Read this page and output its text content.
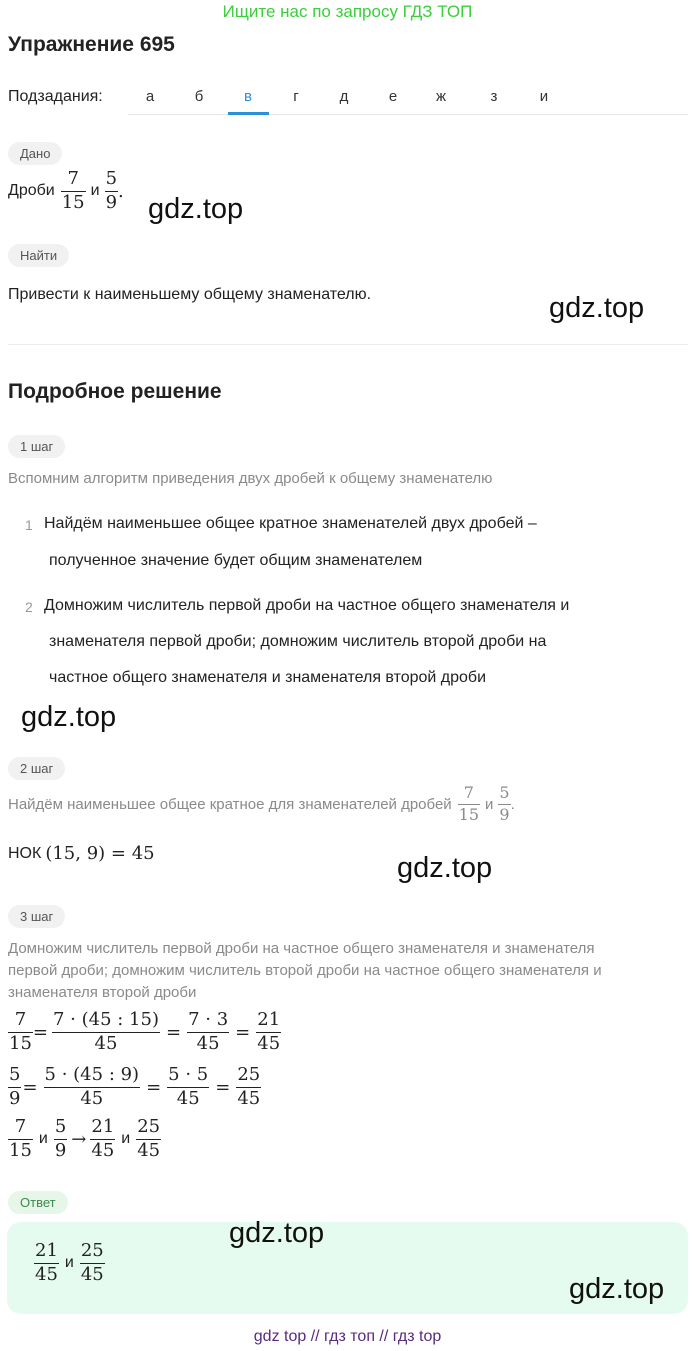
Ищите нас по запросу ГДЗ ТОП
Упражнение 695
Подзадания:	а	б	в	г	д	е	ж	з	и
Дано
Дроби $\frac{7}{15}$ и $\frac{5}{9}$ .
gdz.top
Найти
Привести к наименьшему общему знаменателю.	gdz.top
Подробное решение
1 шаг
Вспомним алгоритм приведения двух дробей к общему знаменателю
1 Найдём наименьшее общее кратное знаменателей двух дробей –
полученное значение будет общим знаменателем
2 Домножим числитель первой дроби на частное общего знаменателя и
знаменателя первой дроби; домножим числитель второй дроби на
частное общего знаменателя и знаменателя второй дроби
gdz.top
2 шаг
Найдём наименьшее общее кратное для знаменателей дробей $\frac{7}{15}$ и $\frac{5}{9}$ .
НОК (15, 9) = 45	gdz.top
3 шаг
Домножим числитель первой дроби на частное общего знаменателя и знаменателя
первой дроби; домножим числитель второй дроби на частное общего знаменателя и
знаменателя второй дроби
$\frac{7}{15} = \frac{7 \cdot (45 : 15)}{45} = \frac{7 \cdot 3}{45} = \frac{21}{45}$
$\frac{5}{9} = \frac{5 \cdot (45 : 9)}{45} = \frac{5 \cdot 5}{45} = \frac{25}{45}$
$\frac{7}{15}$ и $\frac{5}{9} \to \frac{21}{45}$ и $\frac{25}{45}$
Ответ
$\frac{21}{45}$ и $\frac{25}{45}$
gdz.top
gdz.top
gdz top // гдз топ // гдз top
